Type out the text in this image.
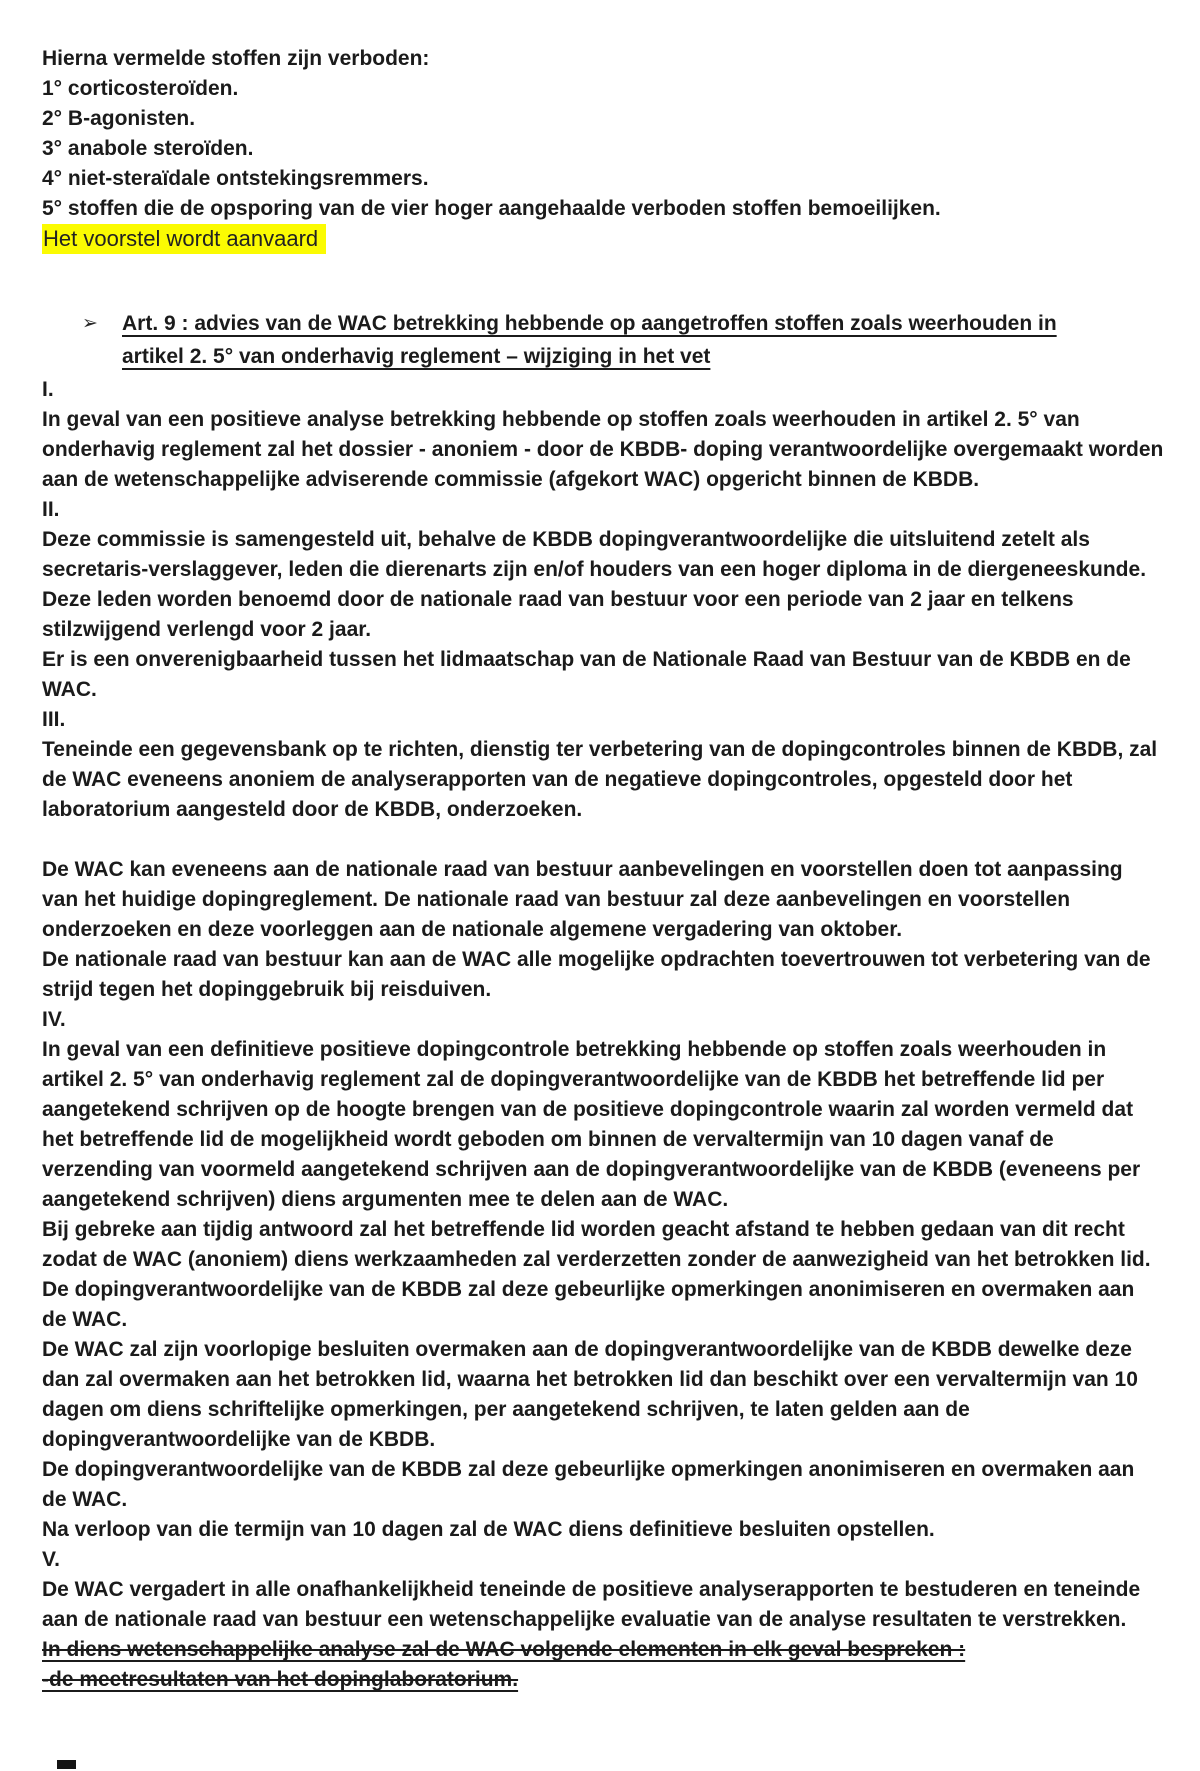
Hierna vermelde stoffen zijn verboden:

1° corticosteroïden.

2° B-agonisten.

3° anabole steroïden.

4° niet-steraïdale ontstekingsremmers.

5° stoffen die de opsporing van de vier hoger aangehaalde verboden stoffen bemoeilijken.

Het voorstel wordt aanvaard

➢	Art. 9 : advies van de WAC betrekking hebbende op aangetroffen stoffen zoals weerhouden in artikel 2. 5° van onderhavig reglement – wijziging in het vet

I.

In geval van een positieve analyse betrekking hebbende op stoffen zoals weerhouden in artikel 2. 5° van onderhavig reglement zal het dossier - anoniem - door de KBDB- doping verantwoordelijke overgemaakt worden aan de wetenschappelijke adviserende commissie (afgekort WAC) opgericht binnen de KBDB.

II.

Deze commissie is samengesteld uit, behalve de KBDB dopingverantwoordelijke die uitsluitend zetelt als secretaris-verslaggever, leden die dierenarts zijn en/of houders van een hoger diploma in de diergeneeskunde. Deze leden worden benoemd door de nationale raad van bestuur voor een periode van 2 jaar en telkens stilzwijgend verlengd voor 2 jaar.

Er is een onverenigbaarheid tussen het lidmaatschap van de Nationale Raad van Bestuur van de KBDB en de WAC.

III.

Teneinde een gegevensbank op te richten, dienstig ter verbetering van de dopingcontroles binnen de KBDB, zal de WAC eveneens anoniem de analyserapporten van de negatieve dopingcontroles, opgesteld door het laboratorium aangesteld door de KBDB, onderzoeken.

De WAC kan eveneens aan de nationale raad van bestuur aanbevelingen en voorstellen doen tot aanpassing van het huidige dopingreglement. De nationale raad van bestuur zal deze aanbevelingen en voorstellen onderzoeken en deze voorleggen aan de nationale algemene vergadering van oktober.

De nationale raad van bestuur kan aan de WAC alle mogelijke opdrachten toevertrouwen tot verbetering van de strijd tegen het dopinggebruik bij reisduiven.

IV.

In geval van een definitieve positieve dopingcontrole betrekking hebbende op stoffen zoals weerhouden in artikel 2. 5° van onderhavig reglement zal de dopingverantwoordelijke van de KBDB het betreffende lid per aangetekend schrijven op de hoogte brengen van de positieve dopingcontrole waarin zal worden vermeld dat het betreffende lid de mogelijkheid wordt geboden om binnen de vervaltermijn van 10 dagen vanaf de verzending van voormeld aangetekend schrijven aan de dopingverantwoordelijke van de KBDB (eveneens per aangetekend schrijven) diens argumenten mee te delen aan de WAC.

Bij gebreke aan tijdig antwoord zal het betreffende lid worden geacht afstand te hebben gedaan van dit recht zodat de WAC (anoniem) diens werkzaamheden zal verderzetten zonder de aanwezigheid van het betrokken lid.

De dopingverantwoordelijke van de KBDB zal deze gebeurlijke opmerkingen anonimiseren en overmaken aan de WAC.

De WAC zal zijn voorlopige besluiten overmaken aan de dopingverantwoordelijke van de KBDB dewelke deze dan zal overmaken aan het betrokken lid, waarna het betrokken lid dan beschikt over een vervaltermijn van 10 dagen om diens schriftelijke opmerkingen, per aangetekend schrijven, te laten gelden aan de dopingverantwoordelijke van de KBDB.

De dopingverantwoordelijke van de KBDB zal deze gebeurlijke opmerkingen anonimiseren en overmaken aan de WAC.

Na verloop van die termijn van 10 dagen zal de WAC diens definitieve besluiten opstellen.

V.

De WAC vergadert in alle onafhankelijkheid teneinde de positieve analyserapporten te bestuderen en teneinde aan de nationale raad van bestuur een wetenschappelijke evaluatie van de analyse resultaten te verstrekken.

In diens wetenschappelijke analyse zal de WAC volgende elementen in elk geval bespreken :

-de meetresultaten van het dopinglaboratorium.
